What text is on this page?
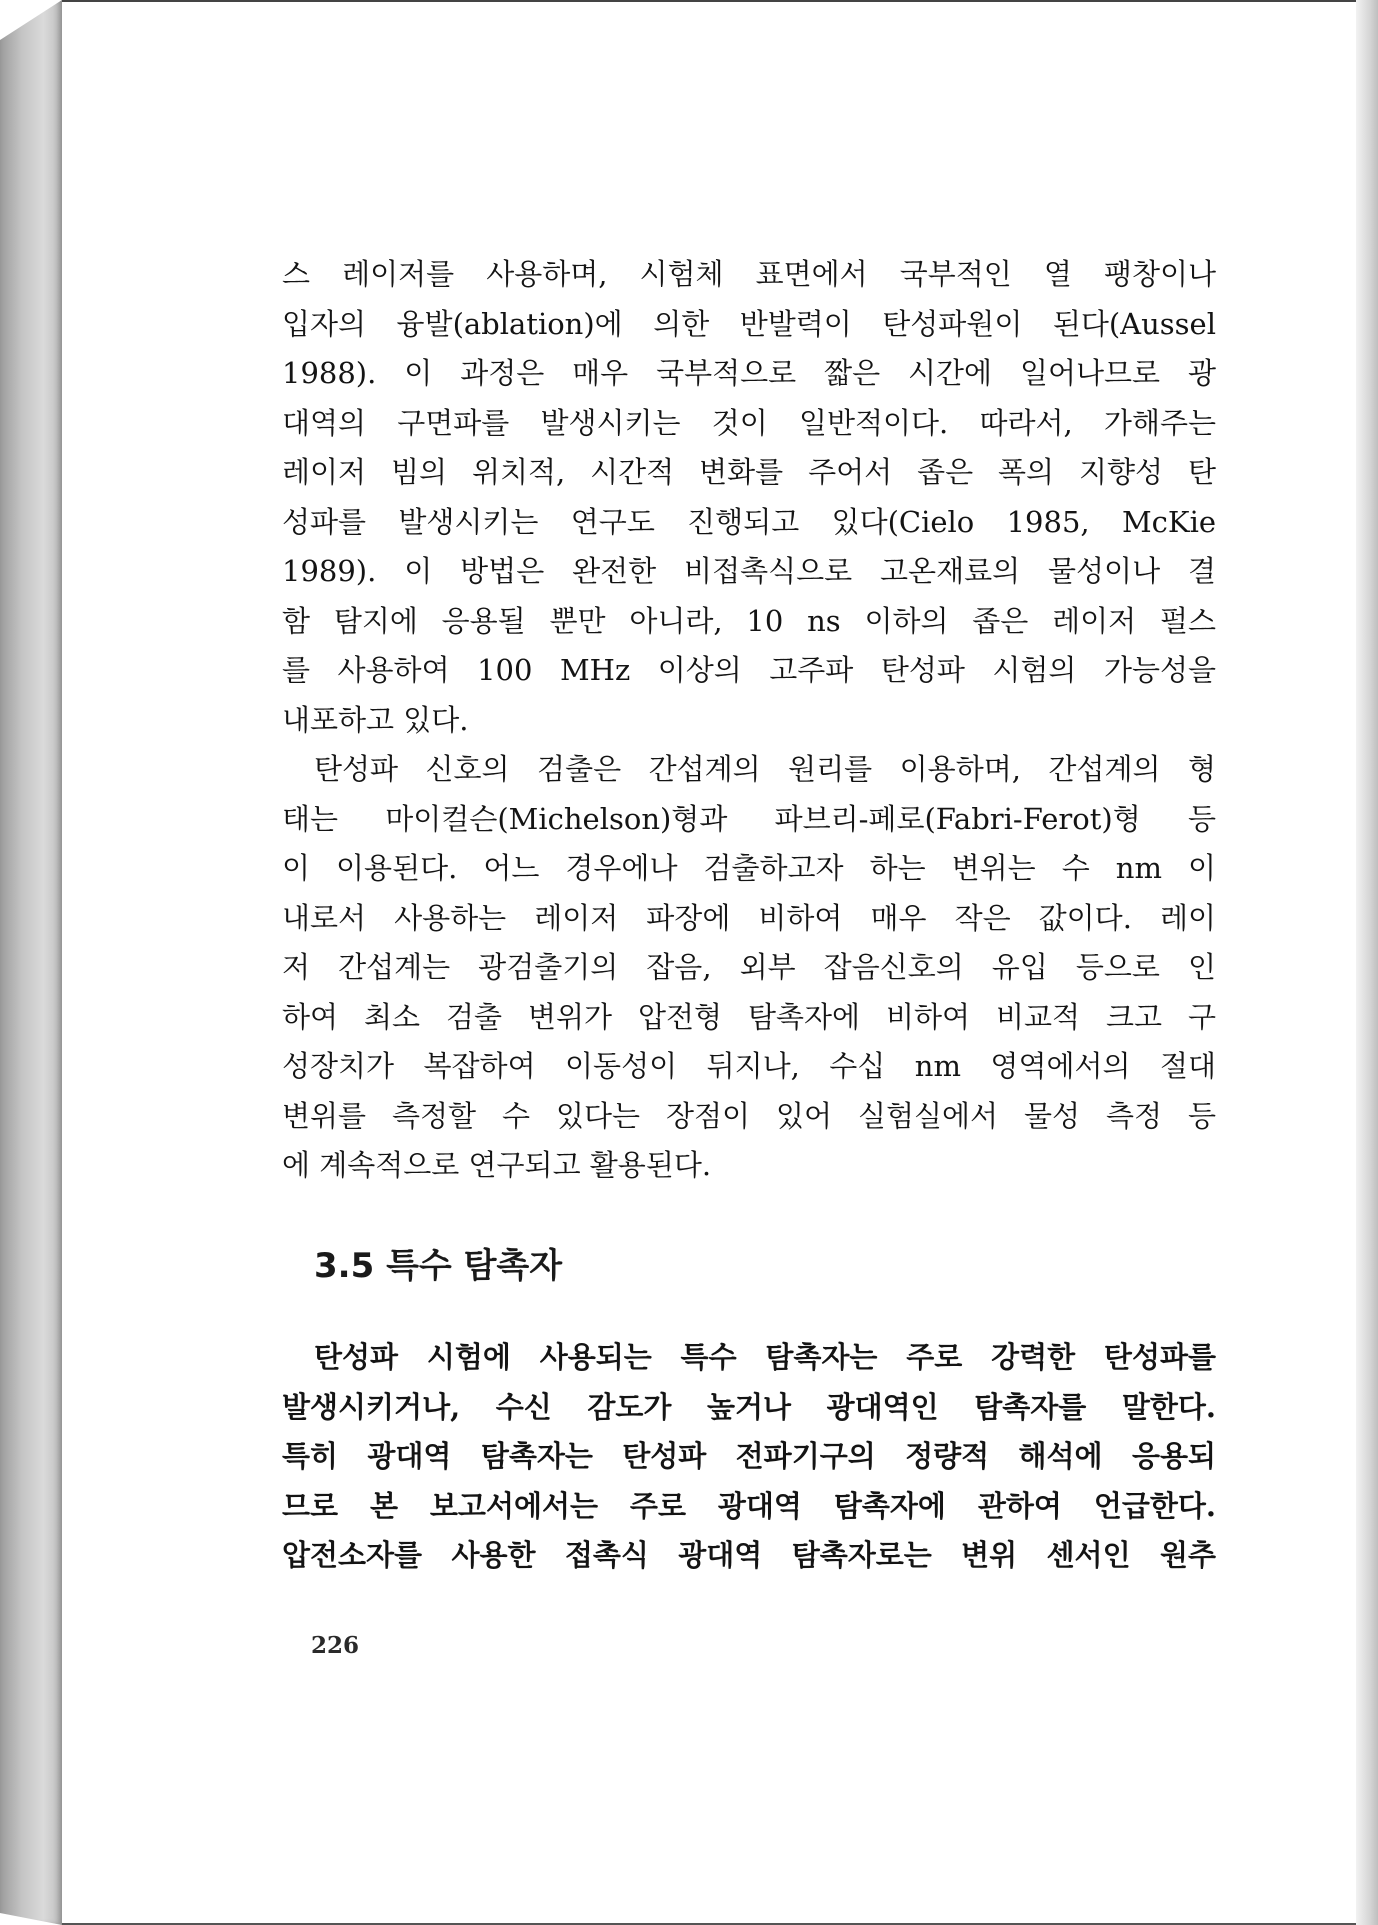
스 레이저를 사용하며, 시험체 표면에서 국부적인 열 팽창이나
입자의 융발(ablation)에 의한 반발력이 탄성파원이 된다(Aussel
1988). 이 과정은 매우 국부적으로 짧은 시간에 일어나므로 광
대역의 구면파를 발생시키는 것이 일반적이다. 따라서, 가해주는
레이저 빔의 위치적, 시간적 변화를 주어서 좁은 폭의 지향성 탄
성파를 발생시키는 연구도 진행되고 있다(Cielo 1985, McKie
1989). 이 방법은 완전한 비접촉식으로 고온재료의 물성이나 결
함 탐지에 응용될 뿐만 아니라, 10 ns 이하의 좁은 레이저 펄스
를 사용하여 100 MHz 이상의 고주파 탄성파 시험의 가능성을
내포하고 있다.
탄성파 신호의 검출은 간섭계의 원리를 이용하며, 간섭계의 형
태는 마이컬슨(Michelson)형과 파브리-페로(Fabri-Ferot)형 등
이 이용된다. 어느 경우에나 검출하고자 하는 변위는 수 nm 이
내로서 사용하는 레이저 파장에 비하여 매우 작은 값이다. 레이
저 간섭계는 광검출기의 잡음, 외부 잡음신호의 유입 등으로 인
하여 최소 검출 변위가 압전형 탐촉자에 비하여 비교적 크고 구
성장치가 복잡하여 이동성이 뒤지나, 수십 nm 영역에서의 절대
변위를 측정할 수 있다는 장점이 있어 실험실에서 물성 측정 등
에 계속적으로 연구되고 활용된다.
3.5 특수 탐촉자
탄성파 시험에 사용되는 특수 탐촉자는 주로 강력한 탄성파를
발생시키거나, 수신 감도가 높거나 광대역인 탐촉자를 말한다.
특히 광대역 탐촉자는 탄성파 전파기구의 정량적 해석에 응용되
므로 본 보고서에서는 주로 광대역 탐촉자에 관하여 언급한다.
압전소자를 사용한 접촉식 광대역 탐촉자로는 변위 센서인 원추
226
